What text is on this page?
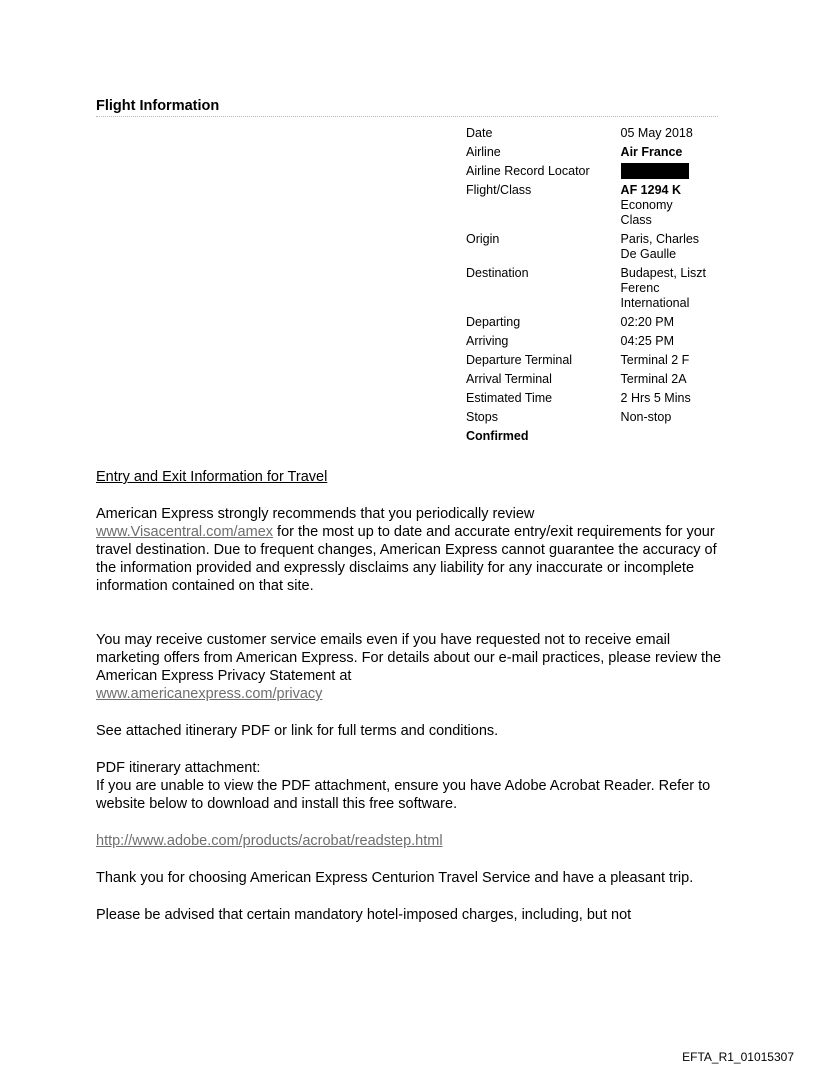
Flight Information
Date	05 May 2018
Airline	Air France
Airline Record Locator	

Flight/Class	AF 1294 K
Economy
Class

Origin	Paris, Charles
De Gaulle

Destination	Budapest, Liszt
Ferenc
International

Departing	02:20 PM
Arriving	04:25 PM
Departure Terminal	Terminal 2 F
Arrival Terminal	Terminal 2A
Estimated Time	2 Hrs 5 Mins
Stops	Non-stop
Confirmed	

Entry and Exit Information for Travel

American Express strongly recommends that you periodically review
www.Visacentral.com/amex for the most up to date and accurate entry/exit requirements for your travel destination. Due to frequent changes, American Express cannot guarantee the accuracy of the information provided and expressly disclaims any liability for any inaccurate or incomplete information contained on that site.

You may receive customer service emails even if you have requested not to receive email marketing offers from American Express. For details about our e-mail practices, please review the American Express Privacy Statement at
www.americanexpress.com/privacy

See attached itinerary PDF or link for full terms and conditions.

PDF itinerary attachment:

If you are unable to view the PDF attachment, ensure you have Adobe Acrobat Reader. Refer to website below to download and install this free software.

http://www.adobe.com/products/acrobat/readstep.html

Thank you for choosing American Express Centurion Travel Service and have a pleasant trip.

Please be advised that certain mandatory hotel-imposed charges, including, but not

EFTA_R1_01015307
